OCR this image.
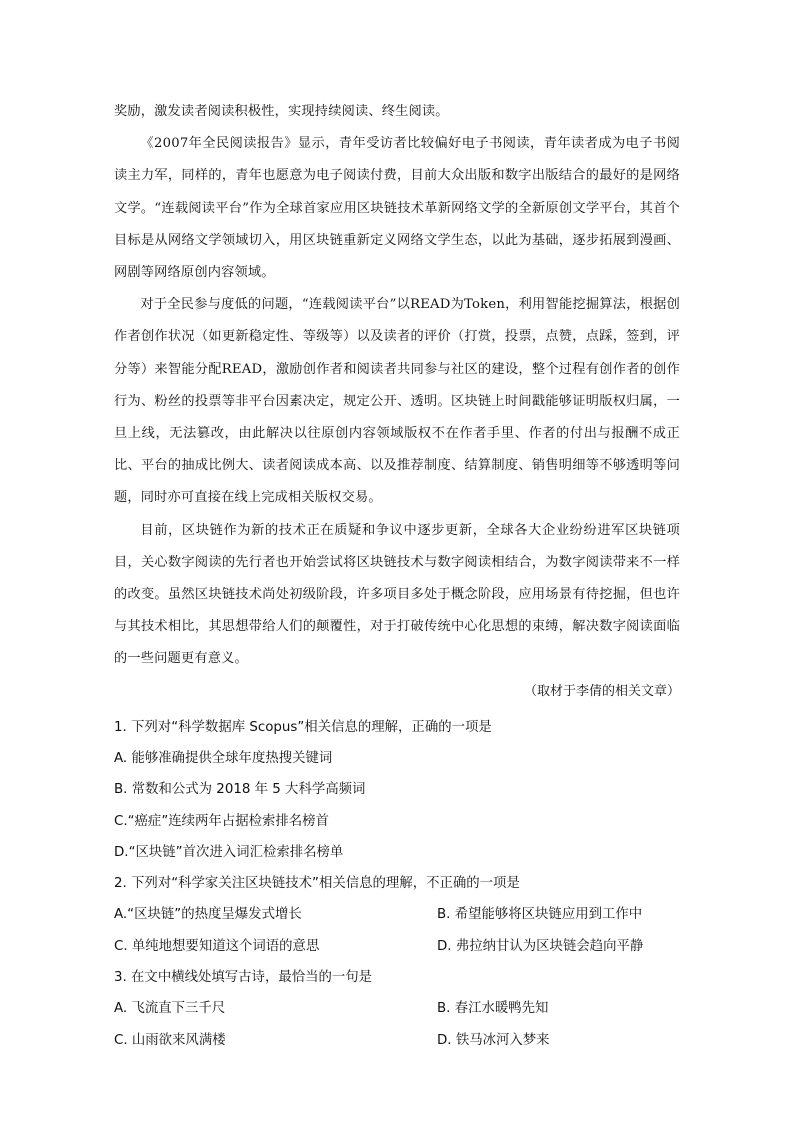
奖励，激发读者阅读积极性，实现持续阅读、终生阅读。

《2007年全民阅读报告》显示，青年受访者比较偏好电子书阅读，青年读者成为电子书阅读主力军，同样的，青年也愿意为电子阅读付费，目前大众出版和数字出版结合的最好的是网络文学。“连载阅读平台”作为全球首家应用区块链技术革新网络文学的全新原创文学平台，其首个目标是从网络文学领域切入，用区块链重新定义网络文学生态，以此为基础，逐步拓展到漫画、网剧等网络原创内容领域。

对于全民参与度低的问题，“连载阅读平台”以READ为Token，利用智能挖掘算法，根据创作者创作状况（如更新稳定性、等级等）以及读者的评价（打赏，投票，点赞，点踩，签到，评分等）来智能分配READ，激励创作者和阅读者共同参与社区的建设，整个过程有创作者的创作行为、粉丝的投票等非平台因素决定，规定公开、透明。区块链上时间戳能够证明版权归属，一旦上线，无法篡改，由此解决以往原创内容领域版权不在作者手里、作者的付出与报酬不成正比、平台的抽成比例大、读者阅读成本高、以及推荐制度、结算制度、销售明细等不够透明等问题，同时亦可直接在线上完成相关版权交易。

目前，区块链作为新的技术正在质疑和争议中逐步更新，全球各大企业纷纷进军区块链项目，关心数字阅读的先行者也开始尝试将区块链技术与数字阅读相结合，为数字阅读带来不一样的改变。虽然区块链技术尚处初级阶段，许多项目多处于概念阶段，应用场景有待挖掘，但也许与其技术相比，其思想带给人们的颠覆性，对于打破传统中心化思想的束缚，解决数字阅读面临的一些问题更有意义。

（取材于李倩的相关文章）

1. 下列对“科学数据库 Scopus”相关信息的理解，正确的一项是

A. 能够准确提供全球年度热搜关键词
B. 常数和公式为 2018 年 5 大科学高频词
C.“癌症”连续两年占据检索排名榜首
D.“区块链”首次进入词汇检索排名榜单

2. 下列对“科学家关注区块链技术”相关信息的理解，不正确的一项是

A.“区块链”的热度呈爆发式增长	B. 希望能够将区块链应用到工作中
C. 单纯地想要知道这个词语的意思	D. 弗拉纳甘认为区块链会趋向平静

3. 在文中横线处填写古诗，最恰当的一句是

A. 飞流直下三千尺	B. 春江水暖鸭先知
C. 山雨欲来风满楼	D. 铁马冰河入梦来
